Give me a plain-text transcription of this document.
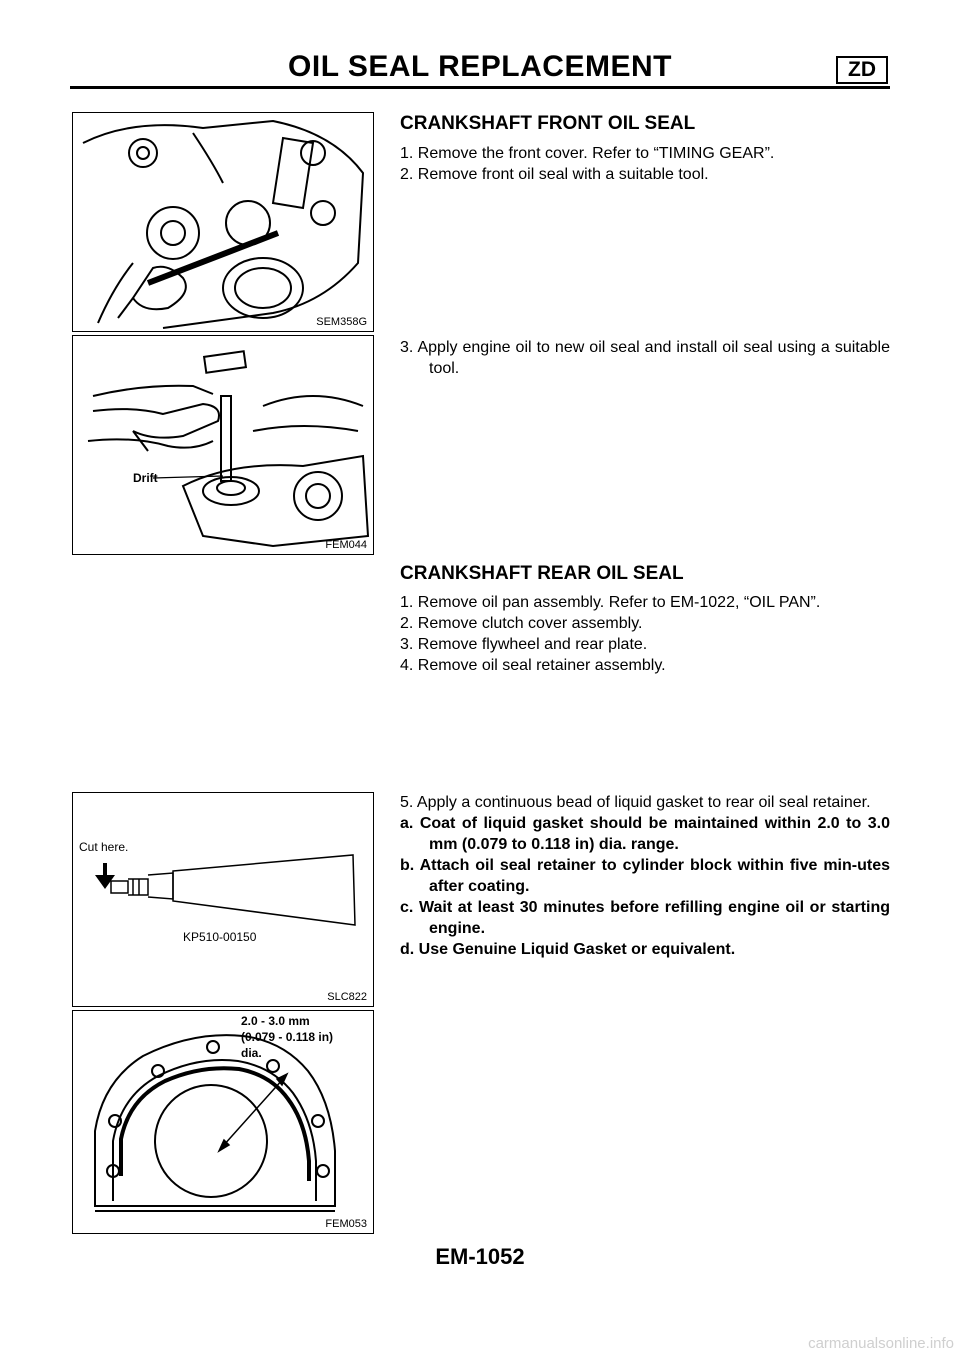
OIL SEAL REPLACEMENT	ZD
SEM358G
Drift
FEM044
CRANKSHAFT FRONT OIL SEAL

1. Remove the front cover. Refer to “TIMING GEAR”.

2. Remove front oil seal with a suitable tool.

3. Apply engine oil to new oil seal and install oil seal using a suitable tool.

CRANKSHAFT REAR OIL SEAL

1. Remove oil pan assembly. Refer to EM-1022, “OIL PAN”.

2. Remove clutch cover assembly.

3. Remove flywheel and rear plate.

4. Remove oil seal retainer assembly.

Cut here.
KP510-00150
SLC822
2.0 - 3.0 mm
(0.079 - 0.118 in)
dia.
FEM053

5. Apply a continuous bead of liquid gasket to rear oil seal retainer.

a. Coat of liquid gasket should be maintained within 2.0 to 3.0 mm (0.079 to 0.118 in) dia. range.

b. Attach oil seal retainer to cylinder block within five min-utes after coating.

c. Wait at least 30 minutes before refilling engine oil or starting engine.

d. Use Genuine Liquid Gasket or equivalent.

EM-1052
carmanualsonline.info
